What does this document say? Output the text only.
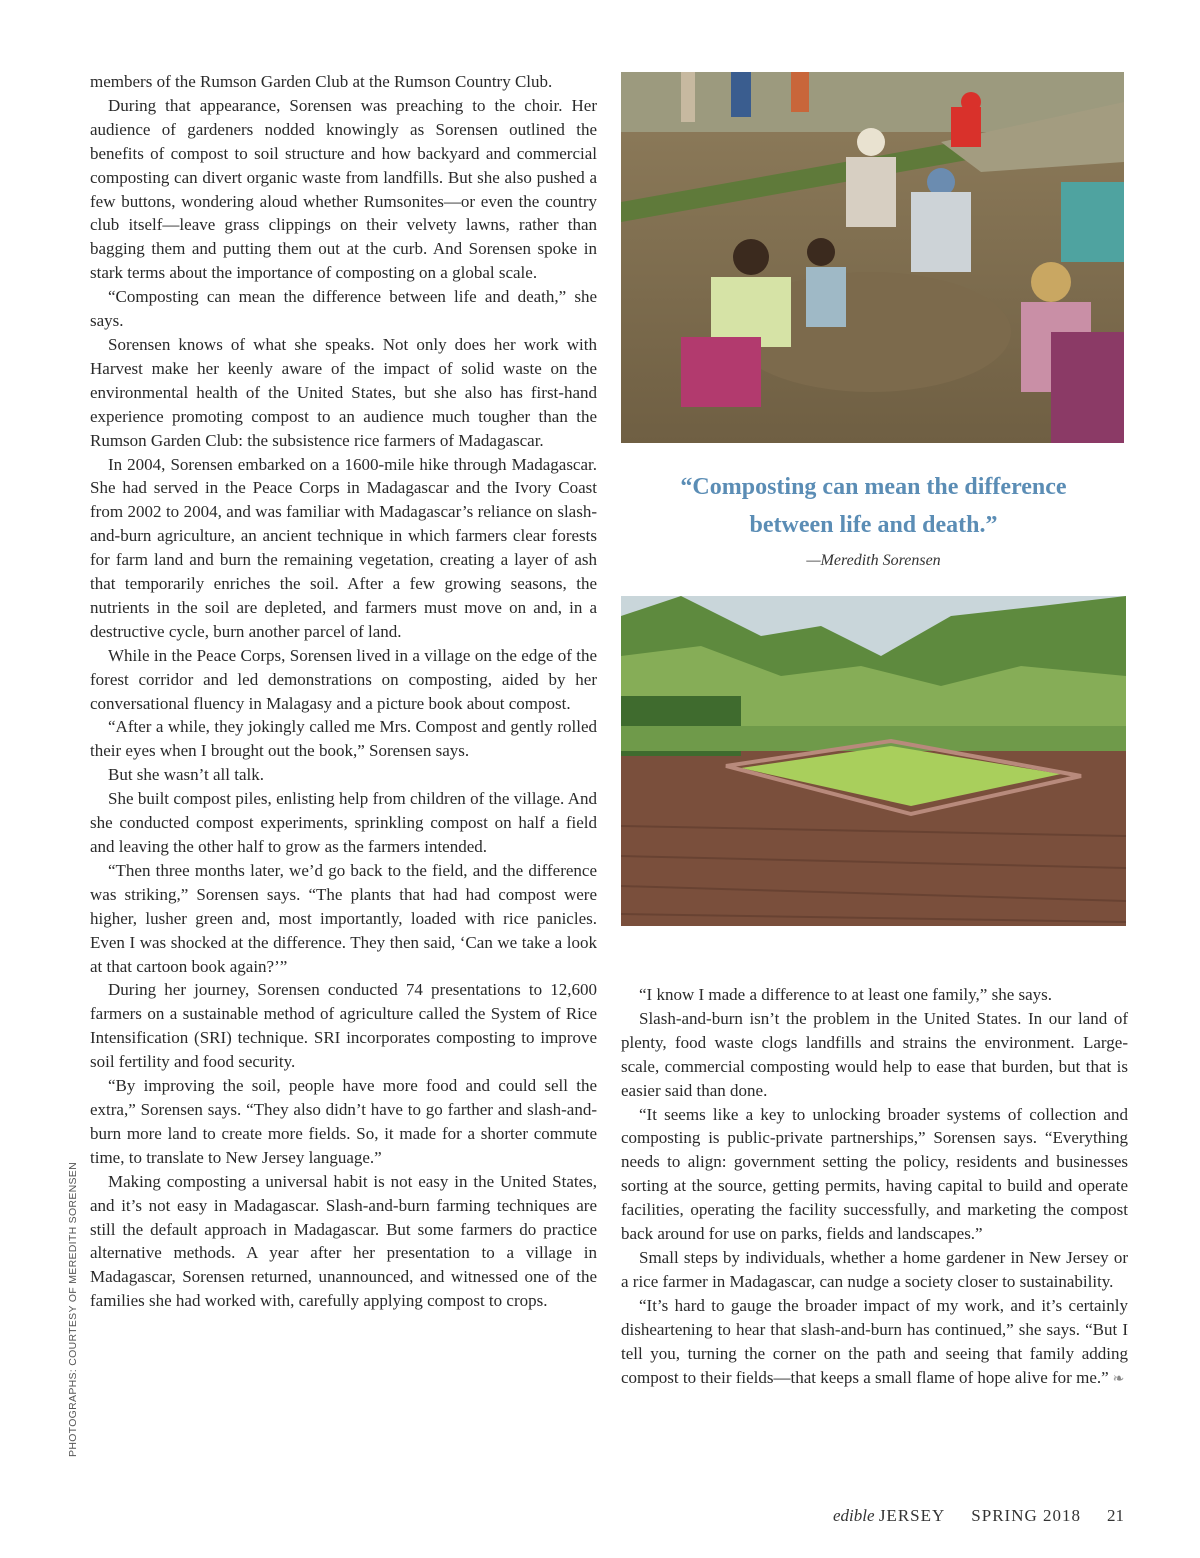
members of the Rumson Garden Club at the Rumson Country Club.

During that appearance, Sorensen was preaching to the choir. Her audience of gardeners nodded knowingly as Sorensen outlined the benefits of compost to soil structure and how backyard and commercial composting can divert organic waste from landfills. But she also pushed a few buttons, wondering aloud whether Rumsonites—or even the country club itself—leave grass clippings on their velvety lawns, rather than bagging them and putting them out at the curb. And Sorensen spoke in stark terms about the importance of composting on a global scale.

“Composting can mean the difference between life and death,” she says.

Sorensen knows of what she speaks. Not only does her work with Harvest make her keenly aware of the impact of solid waste on the environmental health of the United States, but she also has first-hand experience promoting compost to an audience much tougher than the Rumson Garden Club: the subsistence rice farmers of Madagascar.

In 2004, Sorensen embarked on a 1600-mile hike through Madagascar. She had served in the Peace Corps in Madagascar and the Ivory Coast from 2002 to 2004, and was familiar with Madagascar’s reliance on slash-and-burn agriculture, an ancient technique in which farmers clear forests for farm land and burn the remaining vegetation, creating a layer of ash that temporarily enriches the soil. After a few growing seasons, the nutrients in the soil are depleted, and farmers must move on and, in a destructive cycle, burn another parcel of land.

While in the Peace Corps, Sorensen lived in a village on the edge of the forest corridor and led demonstrations on composting, aided by her conversational fluency in Malagasy and a picture book about compost.

“After a while, they jokingly called me Mrs. Compost and gently rolled their eyes when I brought out the book,” Sorensen says.

But she wasn’t all talk.

She built compost piles, enlisting help from children of the village. And she conducted compost experiments, sprinkling compost on half a field and leaving the other half to grow as the farmers intended.

“Then three months later, we’d go back to the field, and the difference was striking,” Sorensen says. “The plants that had had compost were higher, lusher green and, most importantly, loaded with rice panicles. Even I was shocked at the difference. They then said, ‘Can we take a look at that cartoon book again?’”

During her journey, Sorensen conducted 74 presentations to 12,600 farmers on a sustainable method of agriculture called the System of Rice Intensification (SRI) technique. SRI incorporates composting to improve soil fertility and food security.

“By improving the soil, people have more food and could sell the extra,” Sorensen says. “They also didn’t have to go farther and slash-and-burn more land to create more fields. So, it made for a shorter commute time, to translate to New Jersey language.”

Making composting a universal habit is not easy in the United States, and it’s not easy in Madagascar. Slash-and-burn farming techniques are still the default approach in Madagascar. But some farmers do practice alternative methods. A year after her presentation to a village in Madagascar, Sorensen returned, unannounced, and witnessed one of the families she had worked with, carefully applying compost to crops.

“Composting can mean the difference
between life and death.”
—Meredith Sorensen

“I know I made a difference to at least one family,” she says.

Slash-and-burn isn’t the problem in the United States. In our land of plenty, food waste clogs landfills and strains the environment. Large-scale, commercial composting would help to ease that burden, but that is easier said than done.

“It seems like a key to unlocking broader systems of collection and composting is public-private partnerships,” Sorensen says. “Everything needs to align: government setting the policy, residents and businesses sorting at the source, getting permits, having capital to build and operate facilities, operating the facility successfully, and marketing the compost back around for use on parks, fields and landscapes.”

Small steps by individuals, whether a home gardener in New Jersey or a rice farmer in Madagascar, can nudge a society closer to sustainability.

“It’s hard to gauge the broader impact of my work, and it’s certainly disheartening to hear that slash-and-burn has continued,” she says. “But I tell you, turning the corner on the path and seeing that family adding compost to their fields—that keeps a small flame of hope alive for me.” ❧

PHOTOGRAPHS: COURTESY OF MEREDITH SORENSEN
edible JERSEY SPRING 2018 21
